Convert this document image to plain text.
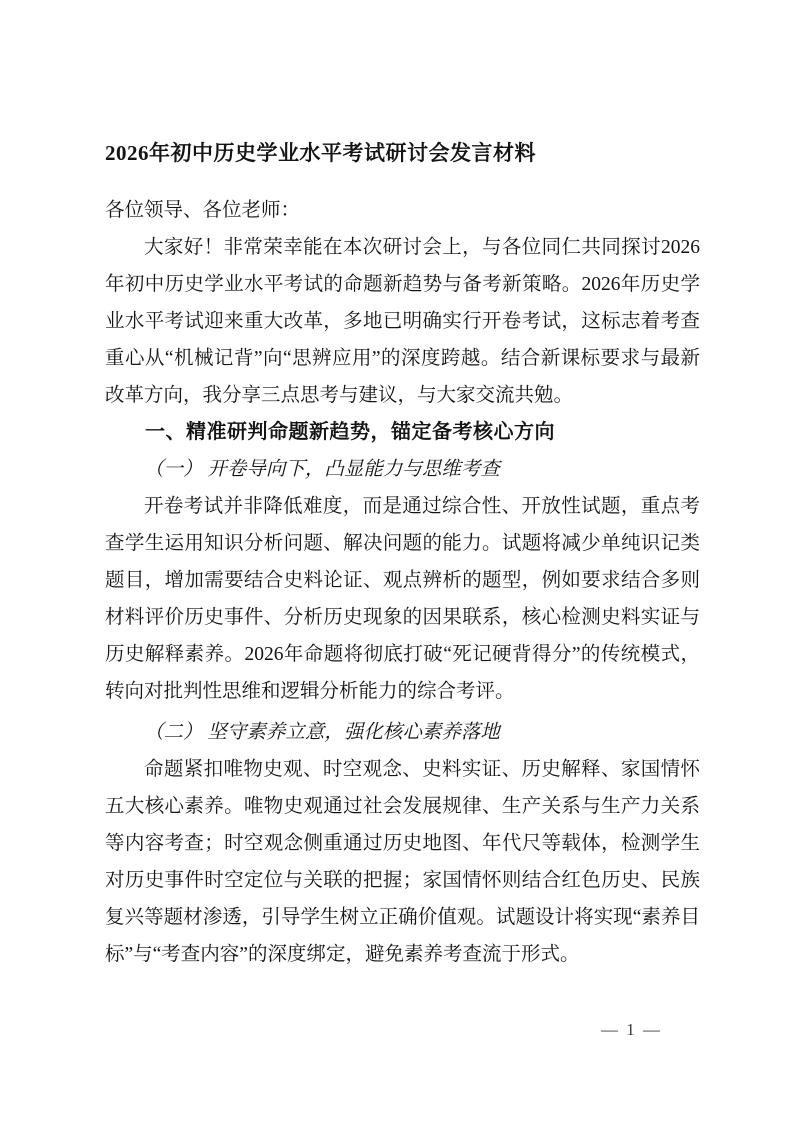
2026年初中历史学业水平考试研讨会发言材料

各位领导、各位老师：

大家好！非常荣幸能在本次研讨会上，与各位同仁共同探讨2026年初中历史学业水平考试的命题新趋势与备考新策略。2026年历史学业水平考试迎来重大改革，多地已明确实行开卷考试，这标志着考查重心从“机械记背”向“思辨应用”的深度跨越。结合新课标要求与最新改革方向，我分享三点思考与建议，与大家交流共勉。

一、精准研判命题新趋势，锚定备考核心方向
（一） 开卷导向下，凸显能力与思维考查

开卷考试并非降低难度，而是通过综合性、开放性试题，重点考查学生运用知识分析问题、解决问题的能力。试题将减少单纯识记类题目，增加需要结合史料论证、观点辨析的题型，例如要求结合多则材料评价历史事件、分析历史现象的因果联系，核心检测史料实证与历史解释素养。2026年命题将彻底打破“死记硬背得分”的传统模式，转向对批判性思维和逻辑分析能力的综合考评。

（二） 坚守素养立意，强化核心素养落地

命题紧扣唯物史观、时空观念、史料实证、历史解释、家国情怀五大核心素养。唯物史观通过社会发展规律、生产关系与生产力关系等内容考查；时空观念侧重通过历史地图、年代尺等载体，检测学生对历史事件时空定位与关联的把握；家国情怀则结合红色历史、民族复兴等题材渗透，引导学生树立正确价值观。试题设计将实现“素养目标”与“考查内容”的深度绑定，避免素养考查流于形式。

— 1 —
